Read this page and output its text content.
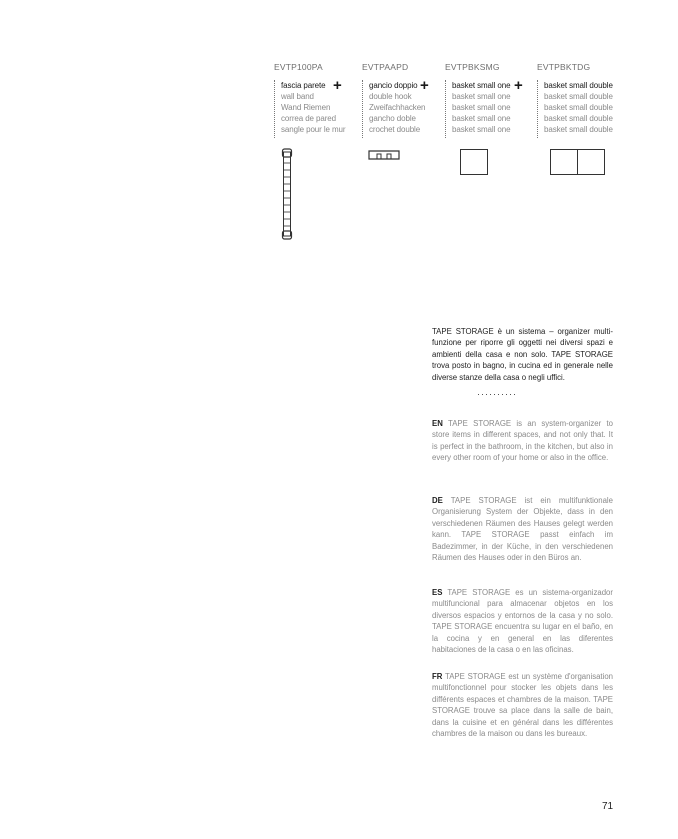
EVTP100PA
fascia parete
wall band
Wand Riemen
correa de pared
sangle pour le mur
+
EVTPAAPD
gancio doppio
double hook
Zweifachhacken
gancho doble
crochet double
+
EVTPBKSMG
basket small one
basket small one
basket small one
basket small one
basket small one
+
EVTPBKTDG
basket small double
basket small double
basket small double
basket small double
basket small double
TAPE STORAGE è un sistema – organizer multi-funzione per riporre gli oggetti nei diversi spazi e ambienti della casa e non solo. TAPE STORAGE trova posto in bagno, in cucina ed in generale nelle diverse stanze della casa o negli uffici.
··········
EN TAPE STORAGE is an system-organizer to store items in different spaces, and not only that. It is perfect in the bathroom, in the kitchen, but also in every other room of your home or also in the office.
DE TAPE STORAGE ist ein multifunktionale Organisierung System der Objekte, dass in den verschiedenen Räumen des Hauses gelegt werden kann. TAPE STORAGE passt einfach im Badezimmer, in der Küche, in den verschiedenen Räumen des Hauses oder in den Büros an.
ES TAPE STORAGE es un sistema-organizador multifuncional para almacenar objetos en los diversos espacios y entornos de la casa y no solo. TAPE STORAGE encuentra su lugar en el baño, en la cocina y en general en las diferentes habitaciones de la casa o en las oficinas.
FR TAPE STORAGE est un système d'organisation multifonctionnel pour stocker les objets dans les différents espaces et chambres de la maison. TAPE STORAGE trouve sa place dans la salle de bain, dans la cuisine et en général dans les différentes chambres de la maison ou dans les bureaux.
71
